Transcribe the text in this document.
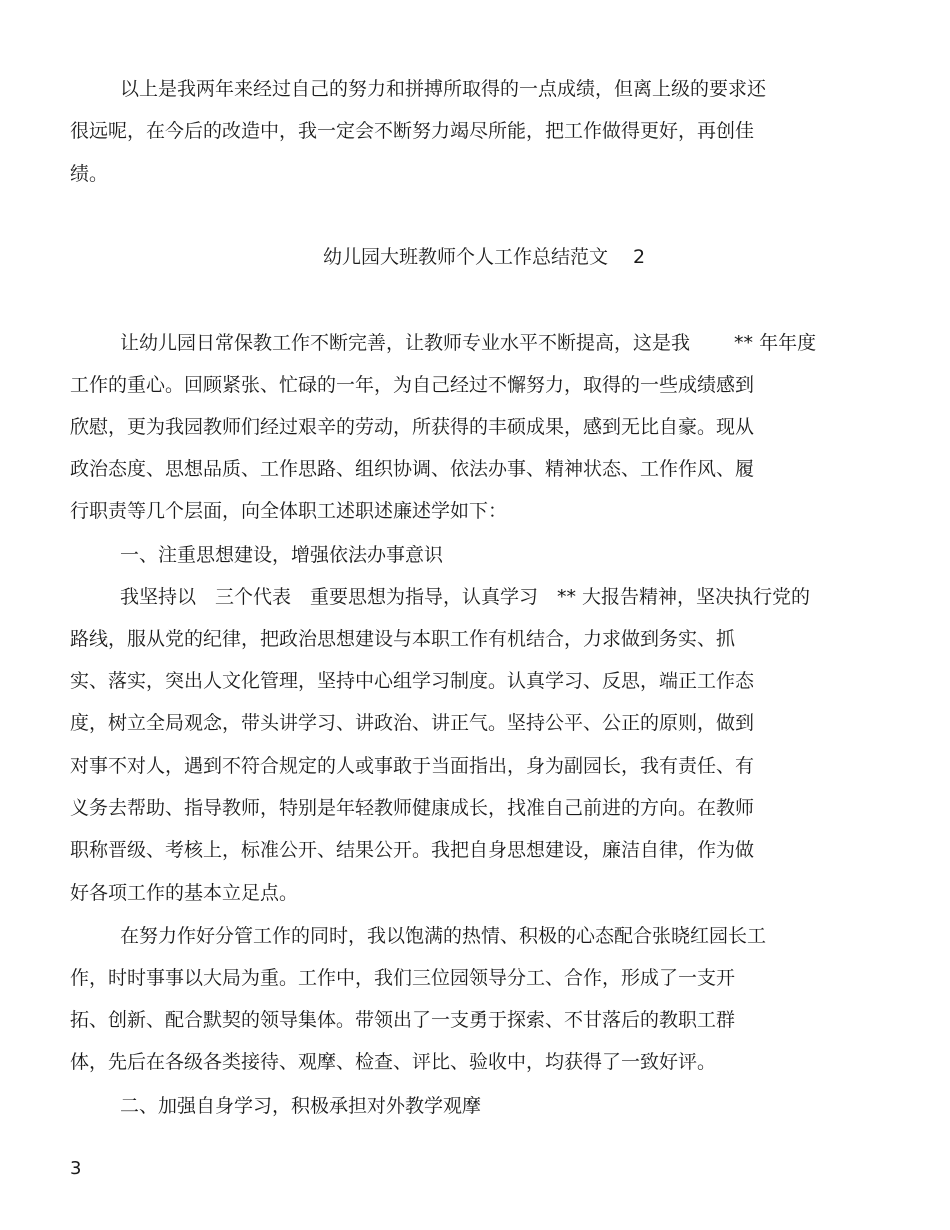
以上是我两年来经过自己的努力和拼搏所取得的一点成绩，但离上级的要求还

很远呢，在今后的改造中，我一定会不断努力竭尽所能，把工作做得更好，再创佳

绩。

幼儿园大班教师个人工作总结范文　 2

让幼儿园日常保教工作不断完善，让教师专业水平不断提高，这是我　　 ** 年年度

工作的重心。回顾紧张、忙碌的一年，为自己经过不懈努力，取得的一些成绩感到

欣慰，更为我园教师们经过艰辛的劳动，所获得的丰硕成果，感到无比自豪。现从

政治态度、思想品质、工作思路、组织协调、依法办事、精神状态、工作作风、履

行职责等几个层面，向全体职工述职述廉述学如下：

一、注重思想建设，增强依法办事意识

我坚持以　三个代表　重要思想为指导，认真学习　** 大报告精神，坚决执行党的

路线，服从党的纪律，把政治思想建设与本职工作有机结合，力求做到务实、抓

实、落实，突出人文化管理，坚持中心组学习制度。认真学习、反思，端正工作态

度，树立全局观念，带头讲学习、讲政治、讲正气。坚持公平、公正的原则，做到

对事不对人，遇到不符合规定的人或事敢于当面指出，身为副园长，我有责任、有

义务去帮助、指导教师，特别是年轻教师健康成长，找准自己前进的方向。在教师

职称晋级、考核上，标准公开、结果公开。我把自身思想建设，廉洁自律，作为做

好各项工作的基本立足点。

在努力作好分管工作的同时，我以饱满的热情、积极的心态配合张晓红园长工

作，时时事事以大局为重。工作中，我们三位园领导分工、合作，形成了一支开

拓、创新、配合默契的领导集体。带领出了一支勇于探索、不甘落后的教职工群

体，先后在各级各类接待、观摩、检查、评比、验收中，均获得了一致好评。

二、加强自身学习，积极承担对外教学观摩

3
